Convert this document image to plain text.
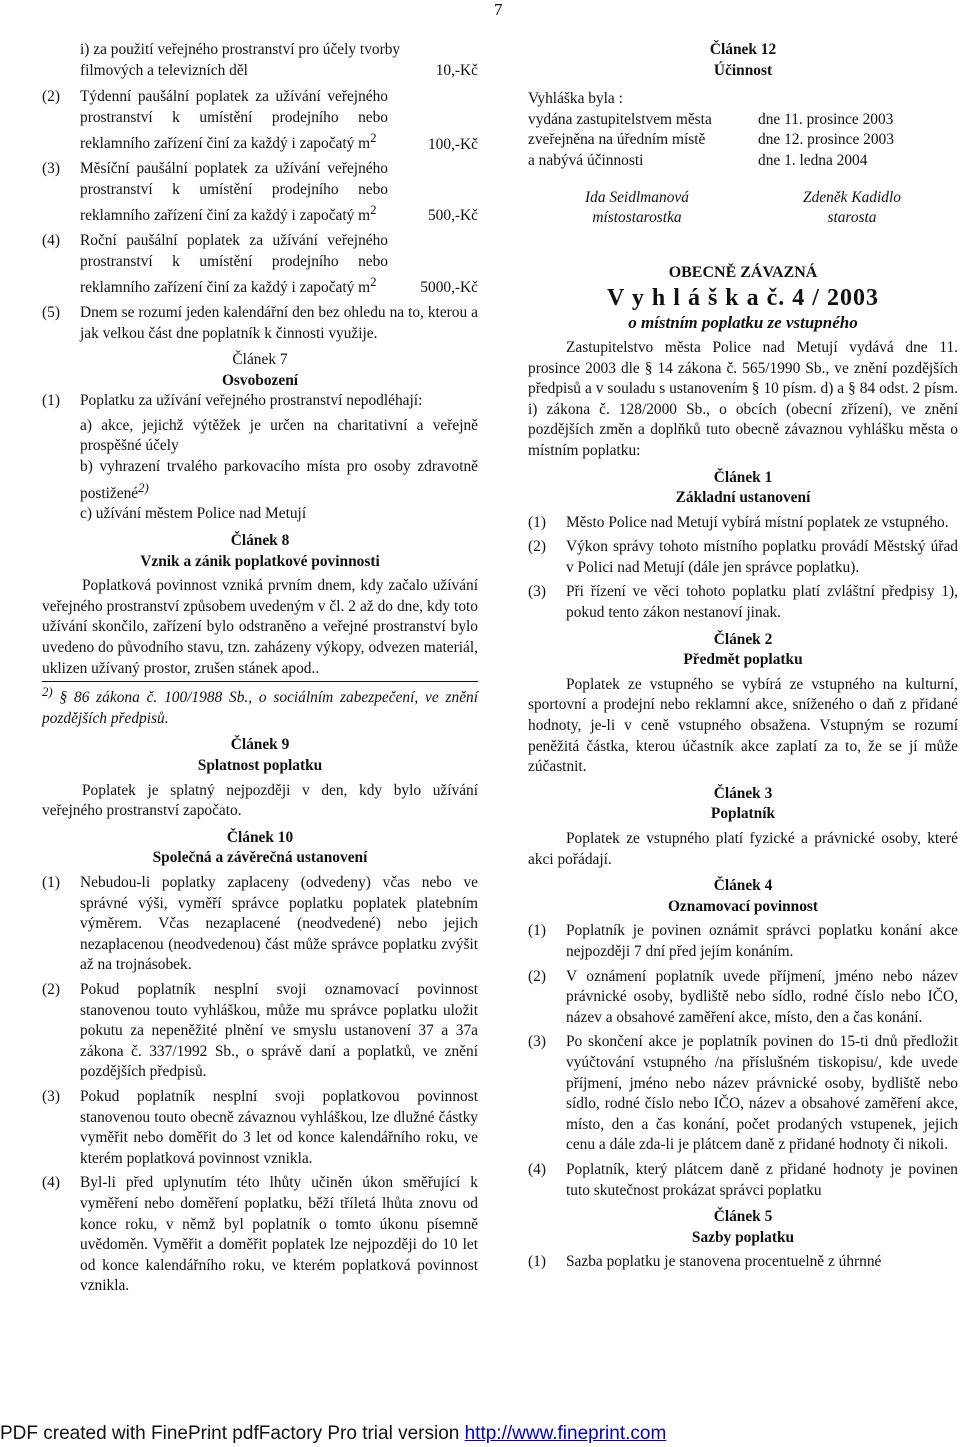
7

i) za použití veřejného prostranství pro účely tvorby

filmových a televizních děl	10,-Kč
(2)	Týdenní paušální poplatek za užívání veřejného prostranství k umístění prodejního nebo reklamního zařízení činí za každý i započatý $m^2$	100,-Kč
(3)	Měsíční paušální poplatek za užívání veřejného prostranství k umístění prodejního nebo reklamního zařízení činí za každý i započatý $m^2$	500,-Kč
(4)	Roční paušální poplatek za užívání veřejného prostranství k umístění prodejního nebo reklamního zařízení činí za každý i započatý $m^2$	5000,-Kč
(5)	Dnem se rozumí jeden kalendářní den bez ohledu na to, kterou a jak velkou část dne poplatník k činnosti využije.
Článek 7
Osvobození
(1)	Poplatku za užívání veřejného prostranství nepodléhají:

a) akce, jejichž výtěžek je určen na charitativní a veřejně prospěšné účely

b) vyhrazení trvalého parkovacího místa pro osoby zdravotně postižené$^{2)}$

c) užívání městem Police nad Metují

Článek 8
Vznik a zánik poplatkové povinnosti

Poplatková povinnost vzniká prvním dnem, kdy začalo užívání veřejného prostranství způsobem uvedeným v čl. 2 až do dne, kdy toto užívání skončilo, zařízení bylo odstraněno a veřejné prostranství bylo uvedeno do původního stavu, tzn. zaházeny výkopy, odvezen materiál, uklizen užívaný prostor, zrušen stánek apod..

$^{2)}$ § 86 zákona č. 100/1988 Sb., o sociálním zabezpečení, ve znění pozdějších předpisů.

Článek 9
Splatnost poplatku

Poplatek je splatný nejpozději v den, kdy bylo užívání veřejného prostranství započato.

Článek 10
Společná a závěrečná ustanovení
(1)	Nebudou-li poplatky zaplaceny (odvedeny) včas nebo ve správné výši, vyměří správce poplatku poplatek platebním výměrem. Včas nezaplacené (neodvedené) nebo jejich nezaplacenou (neodvedenou) část může správce poplatku zvýšit až na trojnásobek.
(2)	Pokud poplatník nesplní svoji oznamovací povinnost stanovenou touto vyhláškou, může mu správce poplatku uložit pokutu za nepeněžité plnění ve smyslu ustanovení 37 a 37a zákona č. 337/1992 Sb., o správě daní a poplatků, ve znění pozdějších předpisů.
(3)	Pokud poplatník nesplní svoji poplatkovou povinnost stanovenou touto obecně závaznou vyhláškou, lze dlužné částky vyměřit nebo doměřit do 3 let od konce kalendářního roku, ve kterém poplatková povinnost vznikla.
(4)	Byl-li před uplynutím této lhůty učiněn úkon směřující k vyměření nebo doměření poplatku, běží tříletá lhůta znovu od konce roku, v němž byl poplatník o tomto úkonu písemně uvědoměn. Vyměřit a doměřit poplatek lze nejpozději do 10 let od konce kalendářního roku, ve kterém poplatková povinnost vznikla.
Článek 12
Účinnost

Vyhláška byla :

vydána zastupitelstvem města	dne 11. prosince 2003
zveřejněna na úředním místě	dne 12. prosince 2003
a nabývá účinnosti	dne 1. ledna 2004
Ida Seidlmanová
místostarostka
Zdeněk Kadidlo
starosta
OBECNĚ ZÁVAZNÁ
V y h l á š k a č. 4 / 2003
o místním poplatku ze vstupného

Zastupitelstvo města Police nad Metují vydává dne 11. prosince 2003 dle § 14 zákona č. 565/1990 Sb., ve znění pozdějších předpisů a v souladu s ustanovením § 10 písm. d) a § 84 odst. 2 písm. i) zákona č. 128/2000 Sb., o obcích (obecní zřízení), ve znění pozdějších změn a doplňků tuto obecně závaznou vyhlášku města o místním poplatku:

Článek 1
Základní ustanovení
(1)	Město Police nad Metují vybírá místní poplatek ze vstupného.
(2)	Výkon správy tohoto místního poplatku provádí Městský úřad v Polici nad Metují (dále jen správce poplatku).
(3)	Při řízení ve věci tohoto poplatku platí zvláštní předpisy 1), pokud tento zákon nestanoví jinak.
Článek 2
Předmět poplatku

Poplatek ze vstupného se vybírá ze vstupného na kulturní, sportovní a prodejní nebo reklamní akce, sníženého o daň z přidané hodnoty, je-li v ceně vstupného obsažena. Vstupným se rozumí peněžitá částka, kterou účastník akce zaplatí za to, že se jí může zúčastnit.

Článek 3
Poplatník

Poplatek ze vstupného platí fyzické a právnické osoby, které akci pořádají.

Článek 4
Oznamovací povinnost
(1)	Poplatník je povinen oznámit správci poplatku konání akce nejpozději 7 dní před jejím konáním.
(2)	V oznámení poplatník uvede příjmení, jméno nebo název právnické osoby, bydliště nebo sídlo, rodné číslo nebo IČO, název a obsahové zaměření akce, místo, den a čas konání.
(3)	Po skončení akce je poplatník povinen do 15-ti dnů předložit vyúčtování vstupného /na příslušném tiskopisu/, kde uvede příjmení, jméno nebo název právnické osoby, bydliště nebo sídlo, rodné číslo nebo IČO, název a obsahové zaměření akce, místo, den a čas konání, počet prodaných vstupenek, jejich cenu a dále zda-li je plátcem daně z přidané hodnoty či nikoli.
(4)	Poplatník, který plátcem daně z přidané hodnoty je povinen tuto skutečnost prokázat správci poplatku
Článek 5
Sazby poplatku
(1)	Sazba poplatku je stanovena procentuelně z úhrnné
PDF created with FinePrint pdfFactory Pro trial version http://www.fineprint.com
